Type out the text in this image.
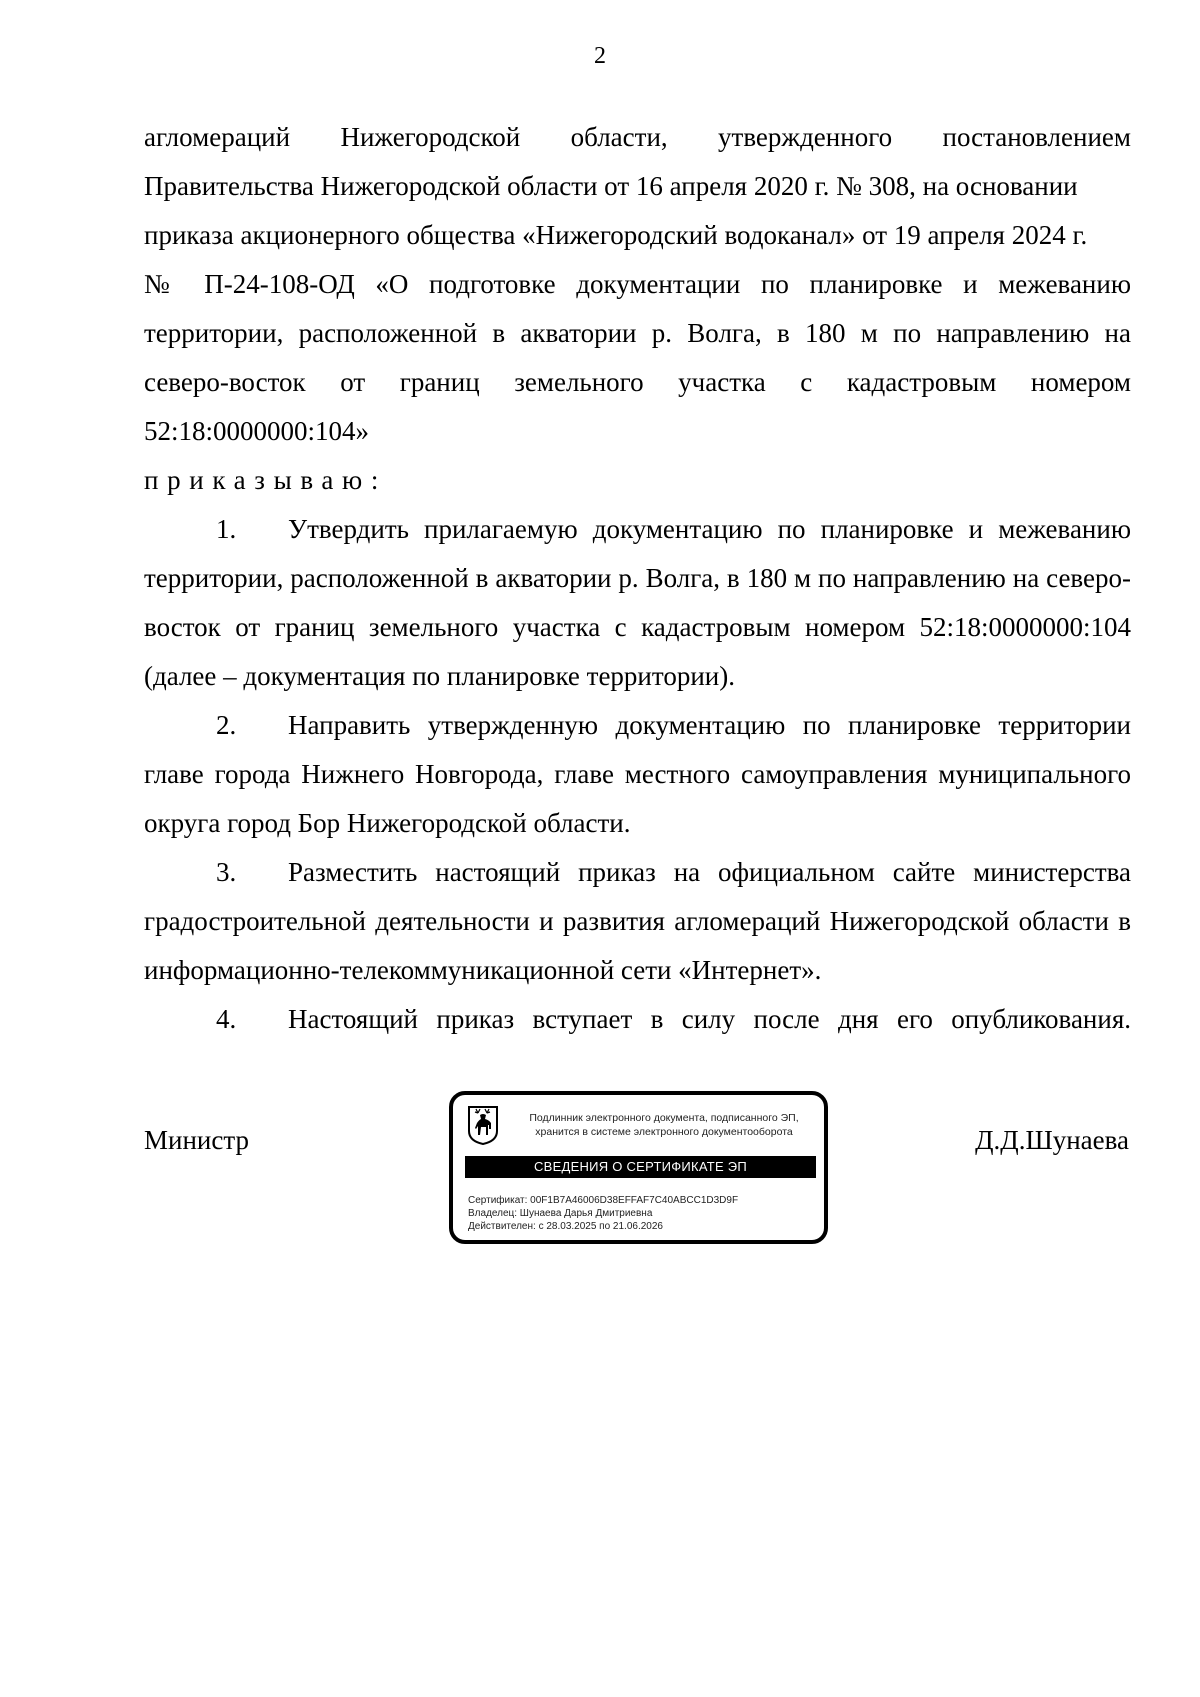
2

агломераций Нижегородской области, утвержденного постановлением

Правительства Нижегородской области от 16 апреля 2020 г. № 308, на основании

приказа акционерного общества «Нижегородский водоканал» от 19 апреля 2024 г.

№ П-24-108-ОД «О подготовке документации по планировке и межеванию

территории, расположенной в акватории р. Волга, в 180 м по направлению на

северо-восток от границ земельного участка с кадастровым номером

52:18:0000000:104»

приказываю:

1. Утвердить прилагаемую документацию по планировке и межеванию территории, расположенной в акватории р. Волга, в 180 м по направлению на северо-восток от границ земельного участка с кадастровым номером 52:18:0000000:104 (далее – документация по планировке территории).

2. Направить утвержденную документацию по планировке территории главе города Нижнего Новгорода, главе местного самоуправления муниципального округа город Бор Нижегородской области.

3. Разместить настоящий приказ на официальном сайте министерства градостроительной деятельности и развития агломераций Нижегородской области в информационно-телекоммуникационной сети «Интернет».

4. Настоящий приказ вступает в силу после дня его опубликования.

Министр
Подлинник электронного документа, подписанного ЭП,
хранится в системе электронного документооборота
СВЕДЕНИЯ О СЕРТИФИКАТЕ ЭП
Сертификат: 00F1B7A46006D38EFFAF7C40ABCC1D3D9F
Владелец: Шунаева Дарья Дмитриевна
Действителен: с 28.03.2025 по 21.06.2026
Д.Д.Шунаева
